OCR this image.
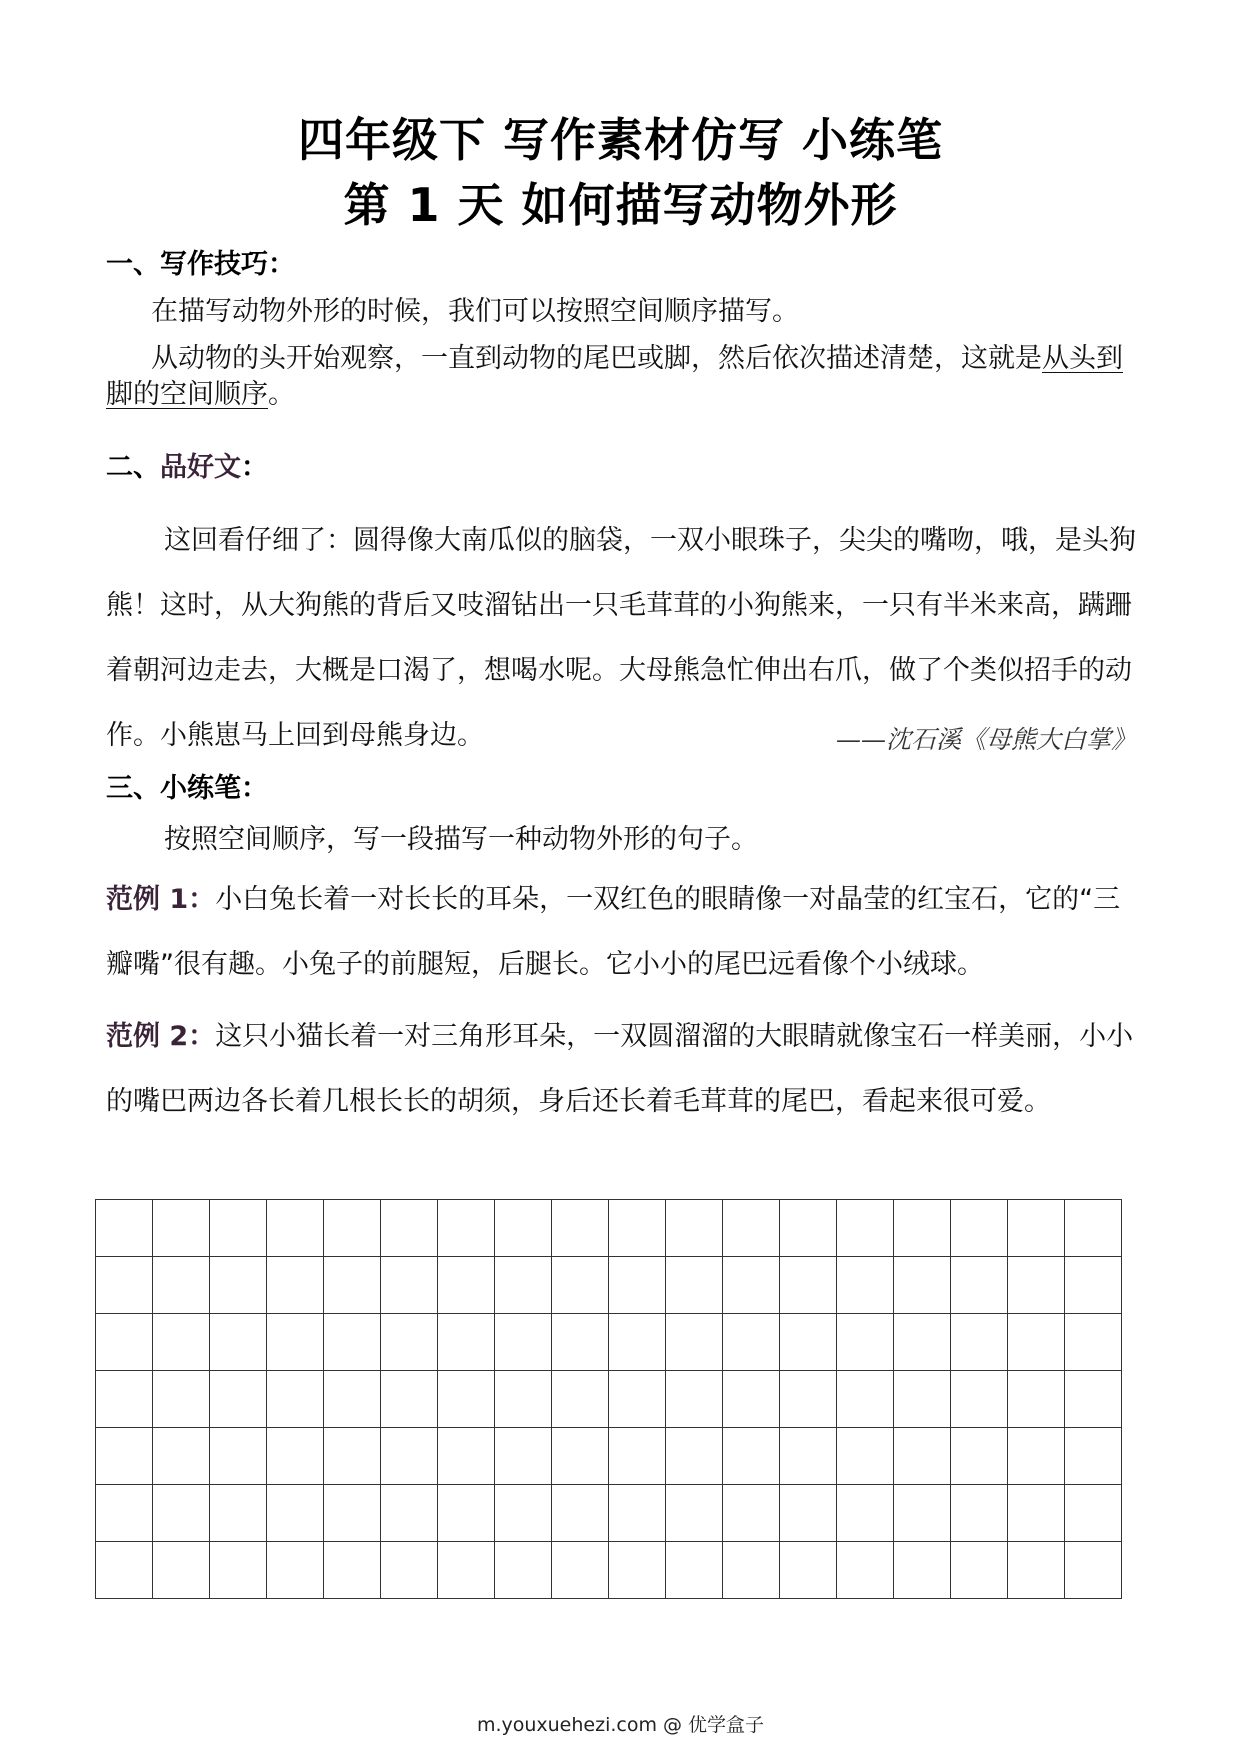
四年级下 写作素材仿写 小练笔
第 1 天 如何描写动物外形
一、写作技巧：
在描写动物外形的时候，我们可以按照空间顺序描写。
从动物的头开始观察，一直到动物的尾巴或脚，然后依次描述清楚，这就是从头到脚的空间顺序。
二、品好文：
这回看仔细了：圆得像大南瓜似的脑袋，一双小眼珠子，尖尖的嘴吻，哦，是头狗熊！这时，从大狗熊的背后又吱溜钻出一只毛茸茸的小狗熊来，一只有半米来高，蹒跚着朝河边走去，大概是口渴了，想喝水呢。大母熊急忙伸出右爪，做了个类似招手的动作。小熊崽马上回到母熊身边。	——沈石溪《母熊大白掌》
三、小练笔：
按照空间顺序，写一段描写一种动物外形的句子。
范例 1：小白兔长着一对长长的耳朵，一双红色的眼睛像一对晶莹的红宝石，它的“三瓣嘴”很有趣。小兔子的前腿短，后腿长。它小小的尾巴远看像个小绒球。
范例 2：这只小猫长着一对三角形耳朵，一双圆溜溜的大眼睛就像宝石一样美丽，小小的嘴巴两边各长着几根长长的胡须，身后还长着毛茸茸的尾巴，看起来很可爱。
m.youxuehezi.com @ 优学盒子
